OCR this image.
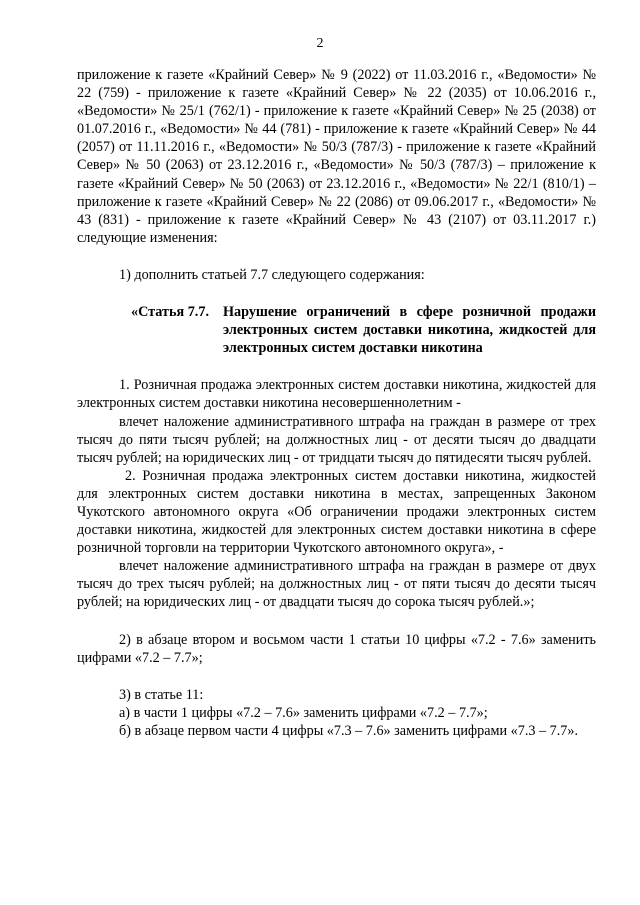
2

приложение к газете «Крайний Север» № 9 (2022) от 11.03.2016 г., «Ведомости» № 22 (759) - приложение к газете «Крайний Север» № 22 (2035) от 10.06.2016 г., «Ведомости» № 25/1 (762/1) - приложение к газете «Крайний Север» № 25 (2038) от 01.07.2016 г., «Ведомости» № 44 (781) - приложение к газете «Крайний Север» № 44 (2057) от 11.11.2016 г., «Ведомости» № 50/3 (787/3) - приложение к газете «Крайний Север» № 50 (2063) от 23.12.2016 г., «Ведомости» № 50/3 (787/3) – приложение к газете «Крайний Север» № 50 (2063) от 23.12.2016 г., «Ведомости» № 22/1 (810/1) – приложение к газете «Крайний Север» № 22 (2086) от 09.06.2017 г., «Ведомости» № 43 (831) - приложение к газете «Крайний Север» № 43 (2107) от 03.11.2017 г.) следующие изменения:

1) дополнить статьей 7.7 следующего содержания:

«Статья 7.7. Нарушение ограничений в сфере розничной продажи электронных систем доставки никотина, жидкостей для электронных систем доставки никотина

1. Розничная продажа электронных систем доставки никотина, жидкостей для электронных систем доставки никотина несовершеннолетним -

влечет наложение административного штрафа на граждан в размере от трех тысяч до пяти тысяч рублей; на должностных лиц - от десяти тысяч до двадцати тысяч рублей; на юридических лиц - от тридцати тысяч до пятидесяти тысяч рублей.

2. Розничная продажа электронных систем доставки никотина, жидкостей для электронных систем доставки никотина в местах, запрещенных Законом Чукотского автономного округа «Об ограничении продажи электронных систем доставки никотина, жидкостей для электронных систем доставки никотина в сфере розничной торговли на территории Чукотского автономного округа», -

влечет наложение административного штрафа на граждан в размере от двух тысяч до трех тысяч рублей; на должностных лиц - от пяти тысяч до десяти тысяч рублей; на юридических лиц - от двадцати тысяч до сорока тысяч рублей.»;

2) в абзаце втором и восьмом части 1 статьи 10 цифры «7.2 - 7.6» заменить цифрами «7.2 – 7.7»;

3) в статье 11:

а) в части 1 цифры «7.2 – 7.6» заменить цифрами «7.2 – 7.7»;

б) в абзаце первом части 4 цифры «7.3 – 7.6» заменить цифрами «7.3 – 7.7».
